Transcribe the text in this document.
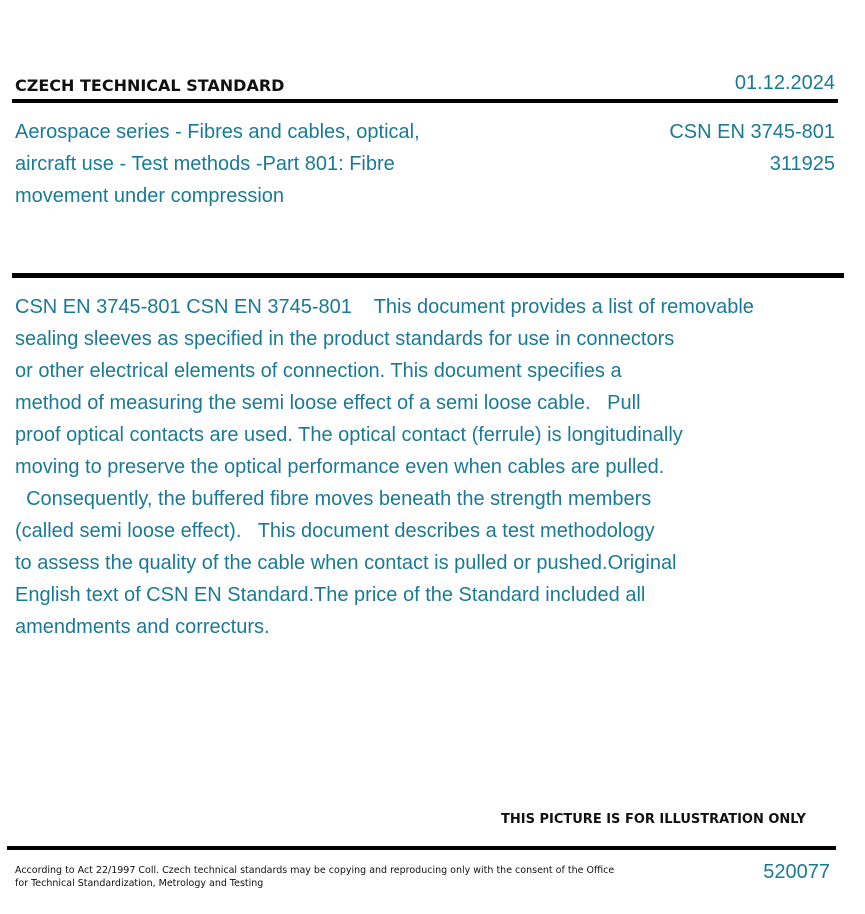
CZECH TECHNICAL STANDARD	01.12.2024
Aerospace series - Fibres and cables, optical,
aircraft use - Test methods -Part 801: Fibre
movement under compression
CSN EN 3745-801
311925
CSN EN 3745-801 CSN EN 3745-801    This document provides a list of removable
sealing sleeves as specified in the product standards for use in connectors
or other electrical elements of connection. This document specifies a
method of measuring the semi loose effect of a semi loose cable.   Pull
proof optical contacts are used. The optical contact (ferrule) is longitudinally
moving to preserve the optical performance even when cables are pulled.
Consequently, the buffered fibre moves beneath the strength members
(called semi loose effect).   This document describes a test methodology
to assess the quality of the cable when contact is pulled or pushed.Original
English text of CSN EN Standard.The price of the Standard included all
amendments and correcturs.
THIS PICTURE IS FOR ILLUSTRATION ONLY
According to Act 22/1997 Coll. Czech technical standards may be copying and reproducing only with the consent of the Office
for Technical Standardization, Metrology and Testing
520077
